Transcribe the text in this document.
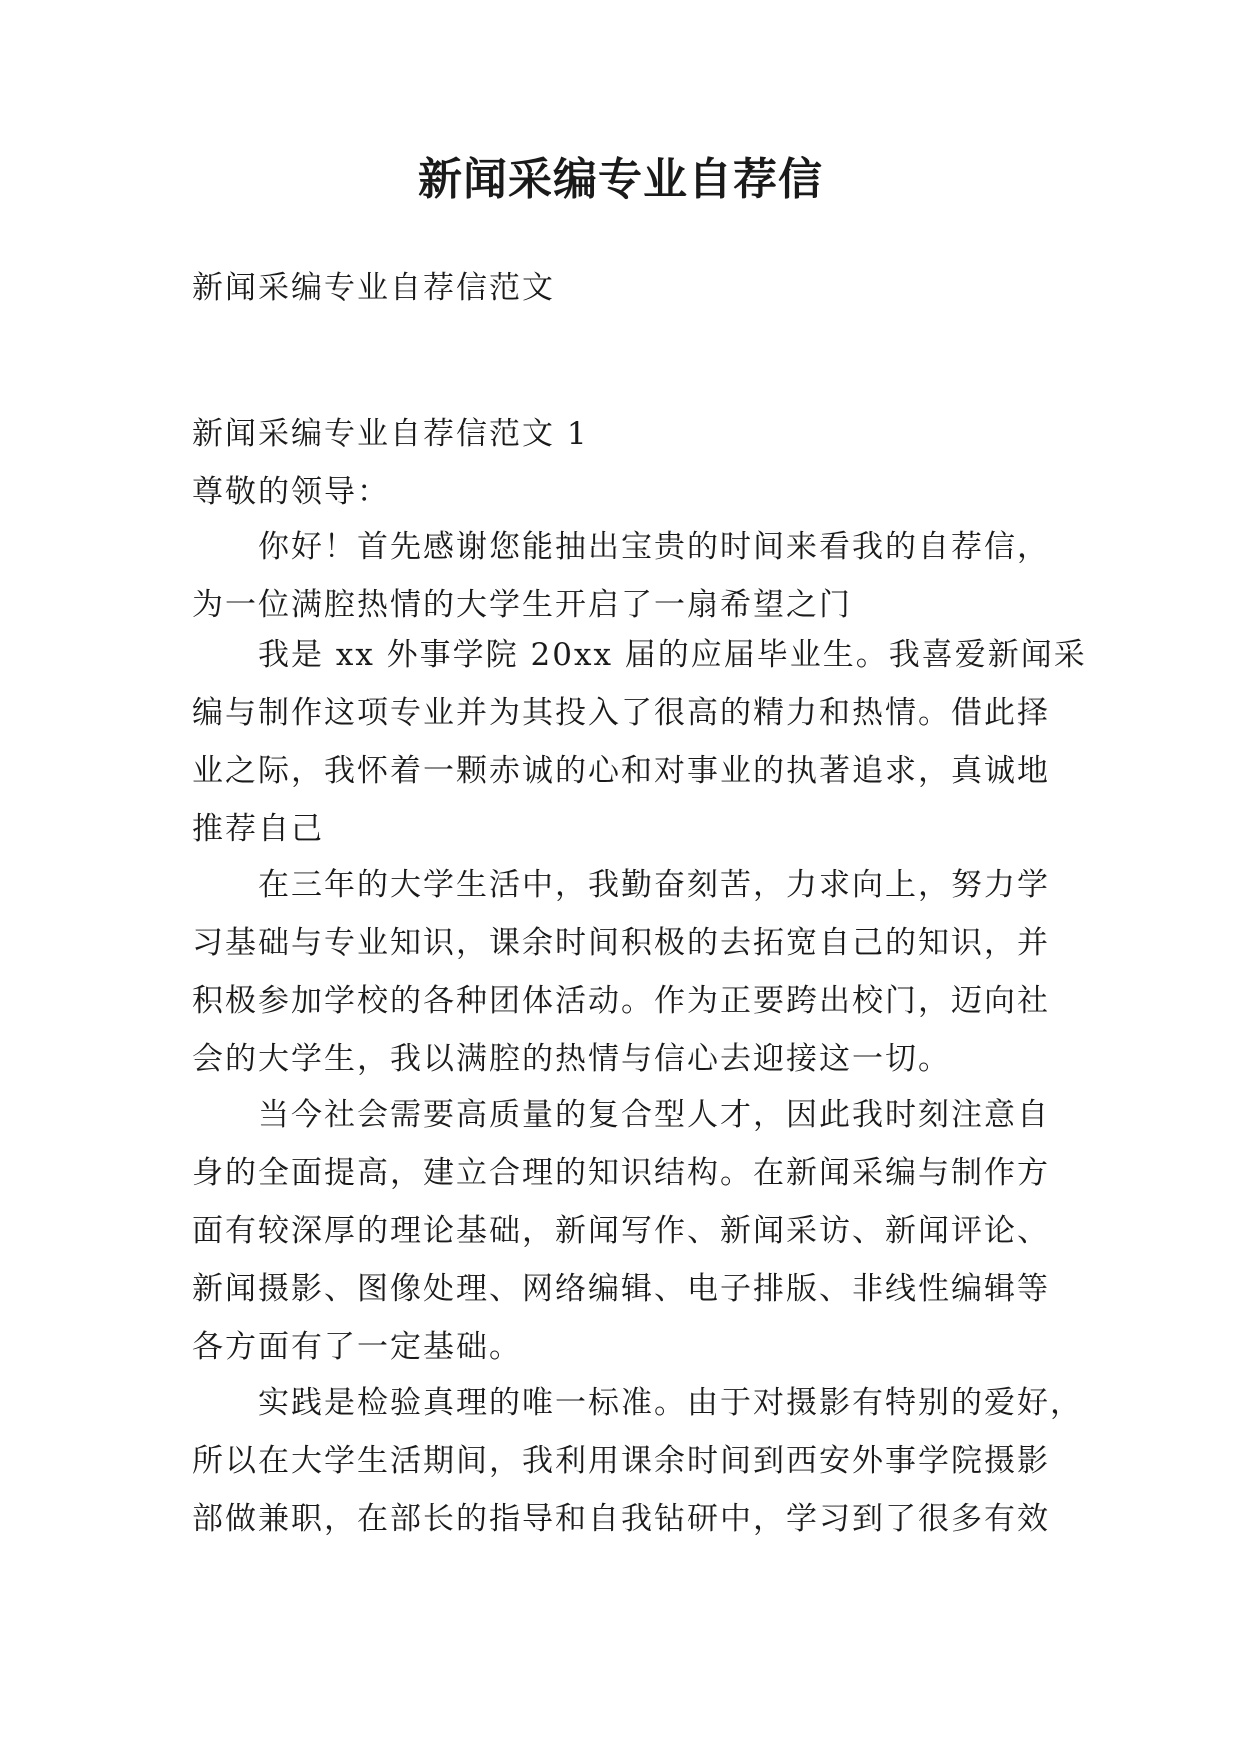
新闻采编专业自荐信
新闻采编专业自荐信范文
新闻采编专业自荐信范文 1
尊敬的领导：
你好！首先感谢您能抽出宝贵的时间来看我的自荐信，
为一位满腔热情的大学生开启了一扇希望之门
我是 xx 外事学院 20xx 届的应届毕业生。我喜爱新闻采
编与制作这项专业并为其投入了很高的精力和热情。借此择
业之际，我怀着一颗赤诚的心和对事业的执著追求，真诚地
推荐自己
在三年的大学生活中，我勤奋刻苦，力求向上，努力学
习基础与专业知识，课余时间积极的去拓宽自己的知识，并
积极参加学校的各种团体活动。作为正要跨出校门，迈向社
会的大学生，我以满腔的热情与信心去迎接这一切。
当今社会需要高质量的复合型人才，因此我时刻注意自
身的全面提高，建立合理的知识结构。在新闻采编与制作方
面有较深厚的理论基础，新闻写作、新闻采访、新闻评论、
新闻摄影、图像处理、网络编辑、电子排版、非线性编辑等
各方面有了一定基础。
实践是检验真理的唯一标准。由于对摄影有特别的爱好，
所以在大学生活期间，我利用课余时间到西安外事学院摄影
部做兼职，在部长的指导和自我钻研中，学习到了很多有效
